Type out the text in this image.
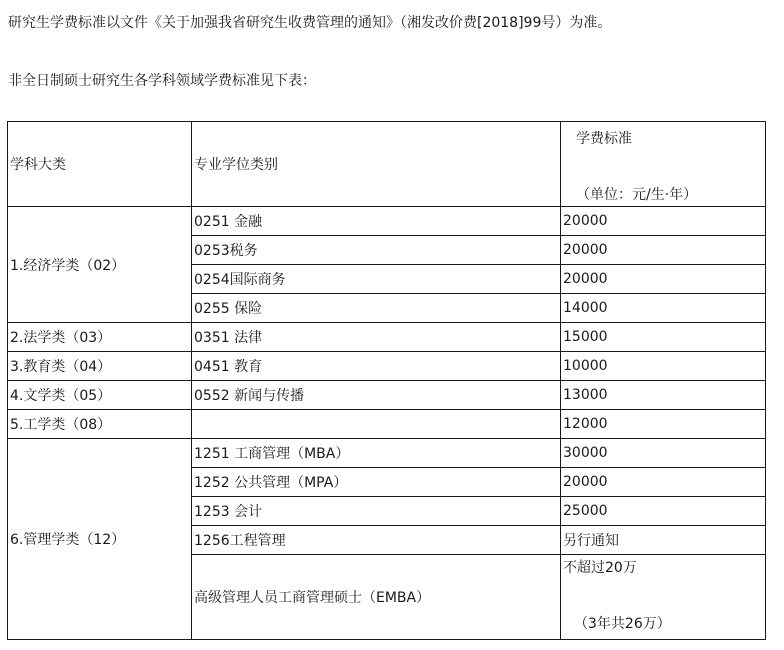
研究生学费标准以文件《关于加强我省研究生收费管理的通知》（湘发改价费[2018]99号）为准。
非全日制硕士研究生各学科领域学费标准见下表：
学科大类	专业学位类别	学费标准
（单位：元/生·年）

1.经济学类（02）	0251 金融	20000
	0253税务	20000
	0254国际商务	20000
	0255 保险	14000
2.法学类（03）	0351 法律	15000
3.教育类（04）	0451 教育	10000
4.文学类（05）	0552 新闻与传播	13000
5.工学类（08）		12000
6.管理学类（12）	1251 工商管理（MBA）	30000
	1252 公共管理（MPA）	20000
	1253 会计	25000
	1256工程管理	另行通知
	高级管理人员工商管理硕士（EMBA）	不超过20万
（3年共26万）
